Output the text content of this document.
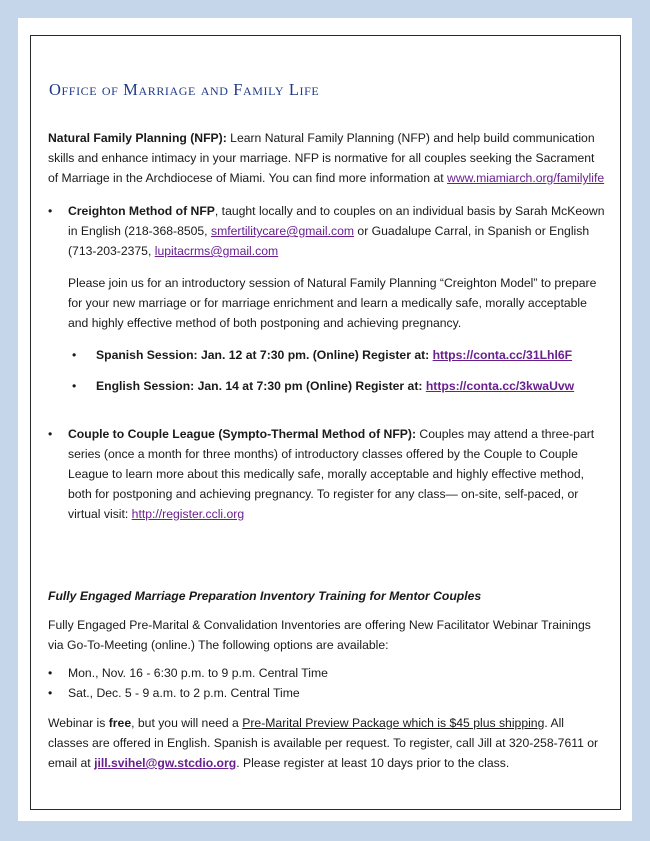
Office of Marriage and Family Life

Natural Family Planning (NFP): Learn Natural Family Planning (NFP) and help build communication skills and enhance intimacy in your marriage. NFP is normative for all couples seeking the Sacrament of Marriage in the Archdiocese of Miami. You can find more information at www.miamiarch.org/familylife

• Creighton Method of NFP, taught locally and to couples on an individual basis by Sarah McKeown in English (218-368-8505, smfertilitycare@gmail.com or Guadalupe Carral, in Spanish or English (713-203-2375, lupitacrms@gmail.com

Please join us for an introductory session of Natural Family Planning “Creighton Model” to prepare for your new marriage or for marriage enrichment and learn a medically safe, morally acceptable and highly effective method of both postponing and achieving pregnancy.

• Spanish Session: Jan. 12 at 7:30 pm. (Online) Register at: https://conta.cc/31Lhl6F
• English Session: Jan. 14 at 7:30 pm (Online) Register at: https://conta.cc/3kwaUvw
• Couple to Couple League (Sympto-Thermal Method of NFP): Couples may attend a three-part series (once a month for three months) of introductory classes offered by the Couple to Couple League to learn more about this medically safe, morally acceptable and highly effective method, both for postponing and achieving pregnancy. To register for any class— on-site, self-paced, or virtual visit: http://register.ccli.org

Fully Engaged Marriage Preparation Inventory Training for Mentor Couples

Fully Engaged Pre-Marital & Convalidation Inventories are offering New Facilitator Webinar Trainings via Go-To-Meeting (online.) The following options are available:

• Mon., Nov. 16 - 6:30 p.m. to 9 p.m. Central Time
• Sat., Dec. 5 - 9 a.m. to 2 p.m. Central Time

Webinar is free, but you will need a Pre-Marital Preview Package which is $45 plus shipping. All classes are offered in English. Spanish is available per request. To register, call Jill at 320-258-7611 or email at jill.svihel@gw.stcdio.org. Please register at least 10 days prior to the class.
